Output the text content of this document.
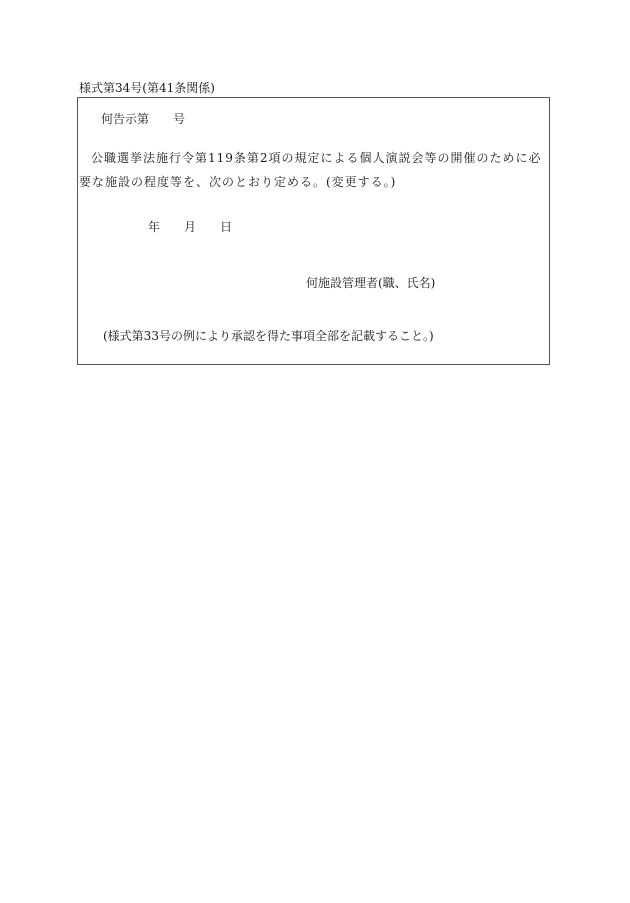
様式第34号(第41条関係)
何告示第　　号
公職選挙法施行令第119条第2項の規定による個人演説会等の開催のために必要な施設の程度等を、次のとおり定める。(変更する。)
年　　月　　日
何施設管理者(職、氏名)
(様式第33号の例により承認を得た事項全部を記載すること。)
